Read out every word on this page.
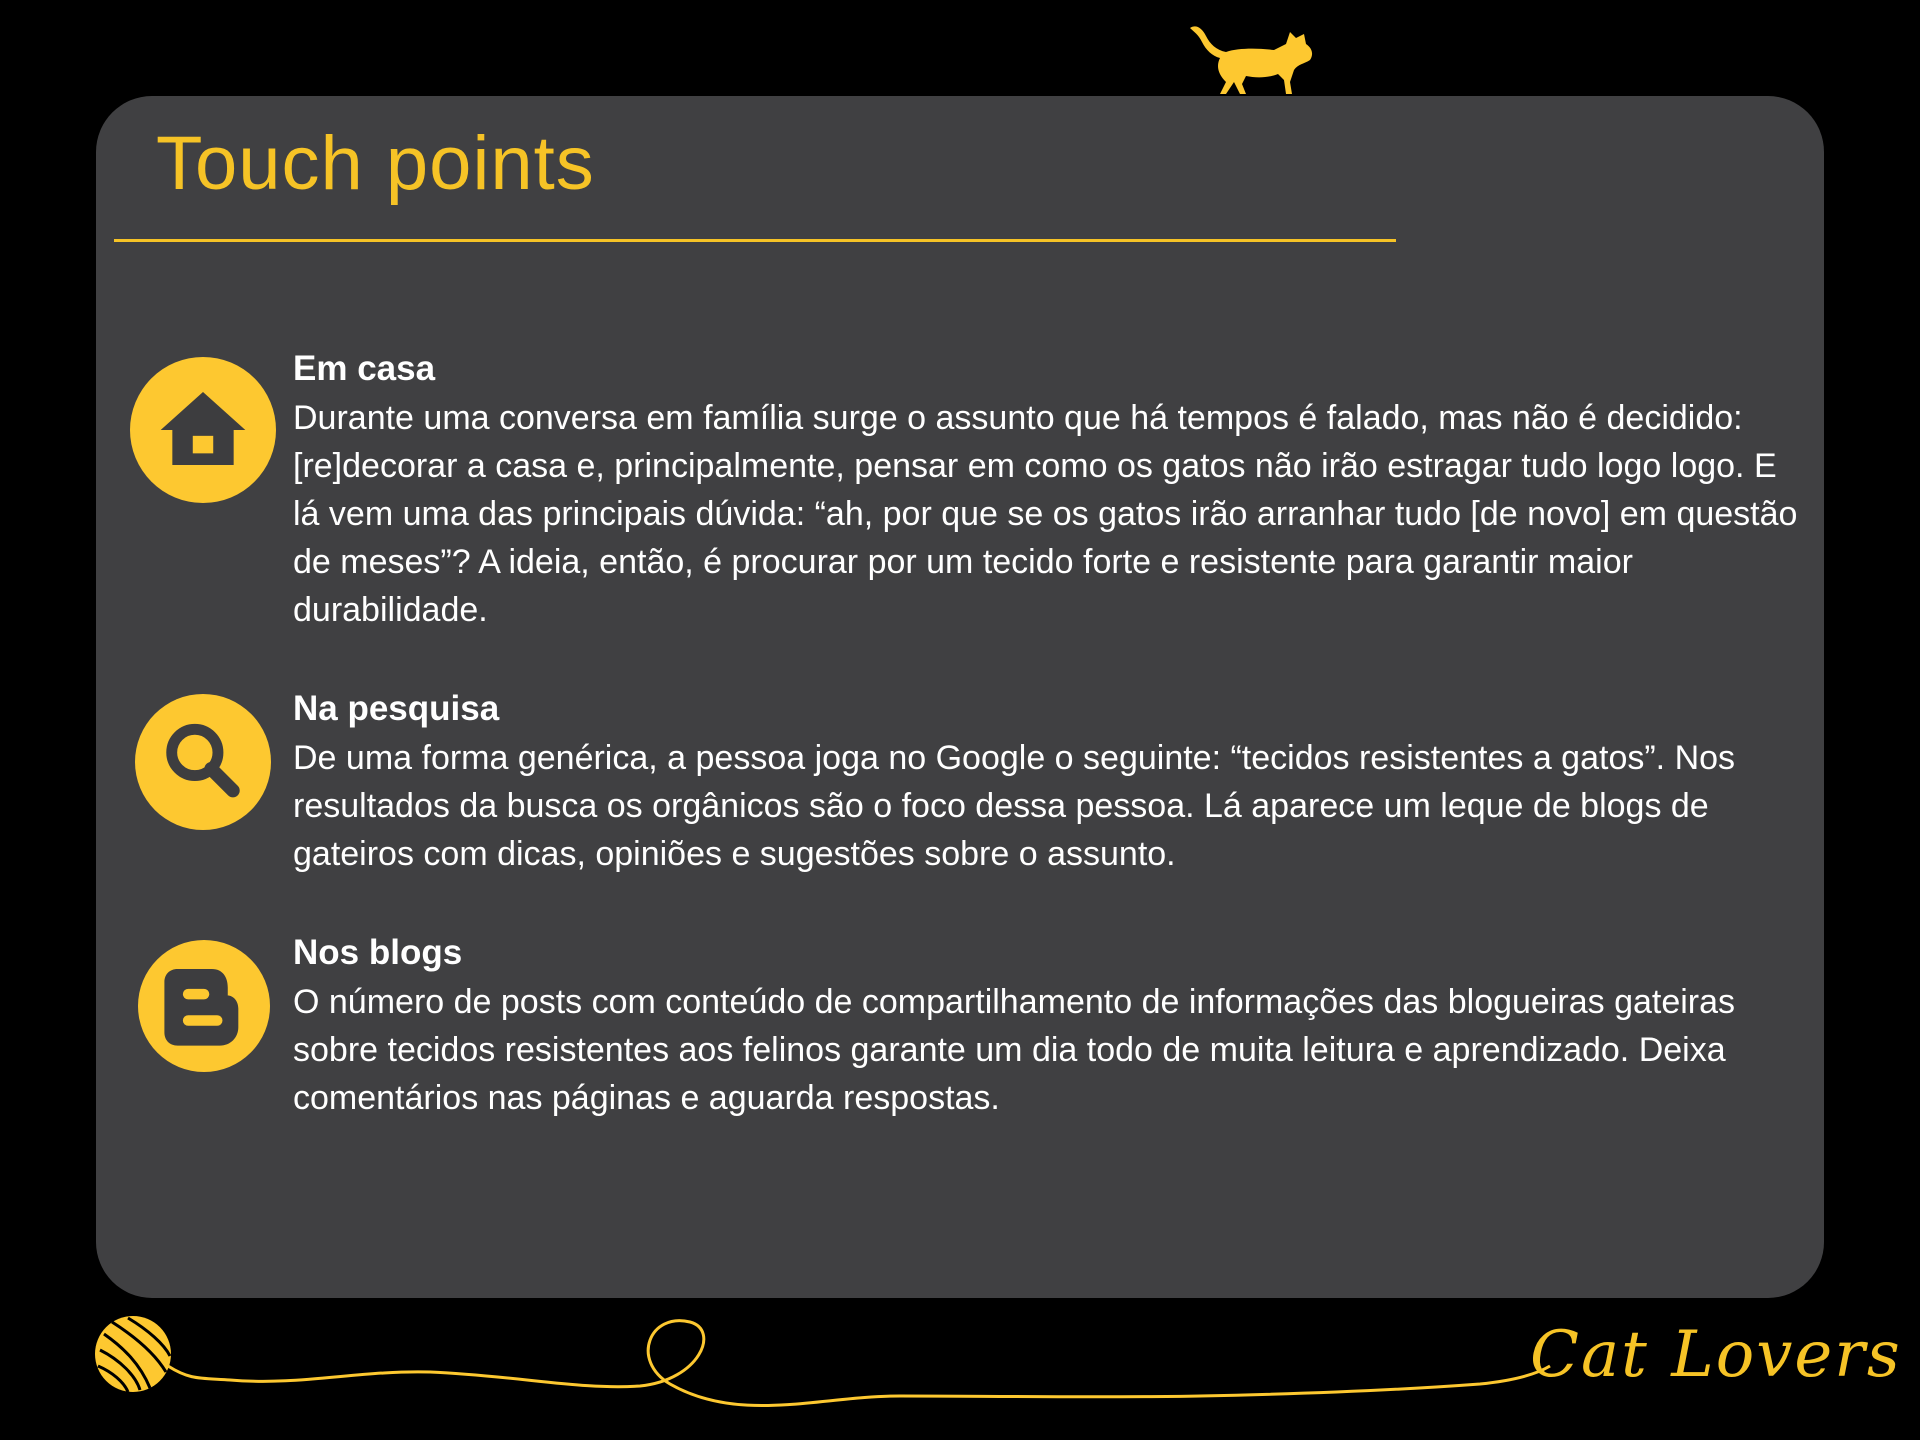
Touch points

Em casa

Durante uma conversa em família surge o assunto que há tempos é falado, mas não é decidido: [re]decorar a casa e, principalmente, pensar em como os gatos não irão estragar tudo logo logo. E lá vem uma das principais dúvida: “ah, por que se os gatos irão arranhar tudo [de novo] em questão de meses”? A ideia, então, é procurar por um tecido forte e resistente para garantir maior durabilidade.

Na pesquisa

De uma forma genérica, a pessoa joga no Google o seguinte: “tecidos resistentes a gatos”. Nos resultados da busca os orgânicos são o foco dessa pessoa. Lá aparece um leque de blogs de gateiros com dicas, opiniões e sugestões sobre o assunto.

Nos blogs

O número de posts com conteúdo de compartilhamento de informações das blogueiras gateiras sobre tecidos resistentes aos felinos garante um dia todo de muita leitura e aprendizado. Deixa comentários nas páginas e aguarda respostas.

Cat Lovers
